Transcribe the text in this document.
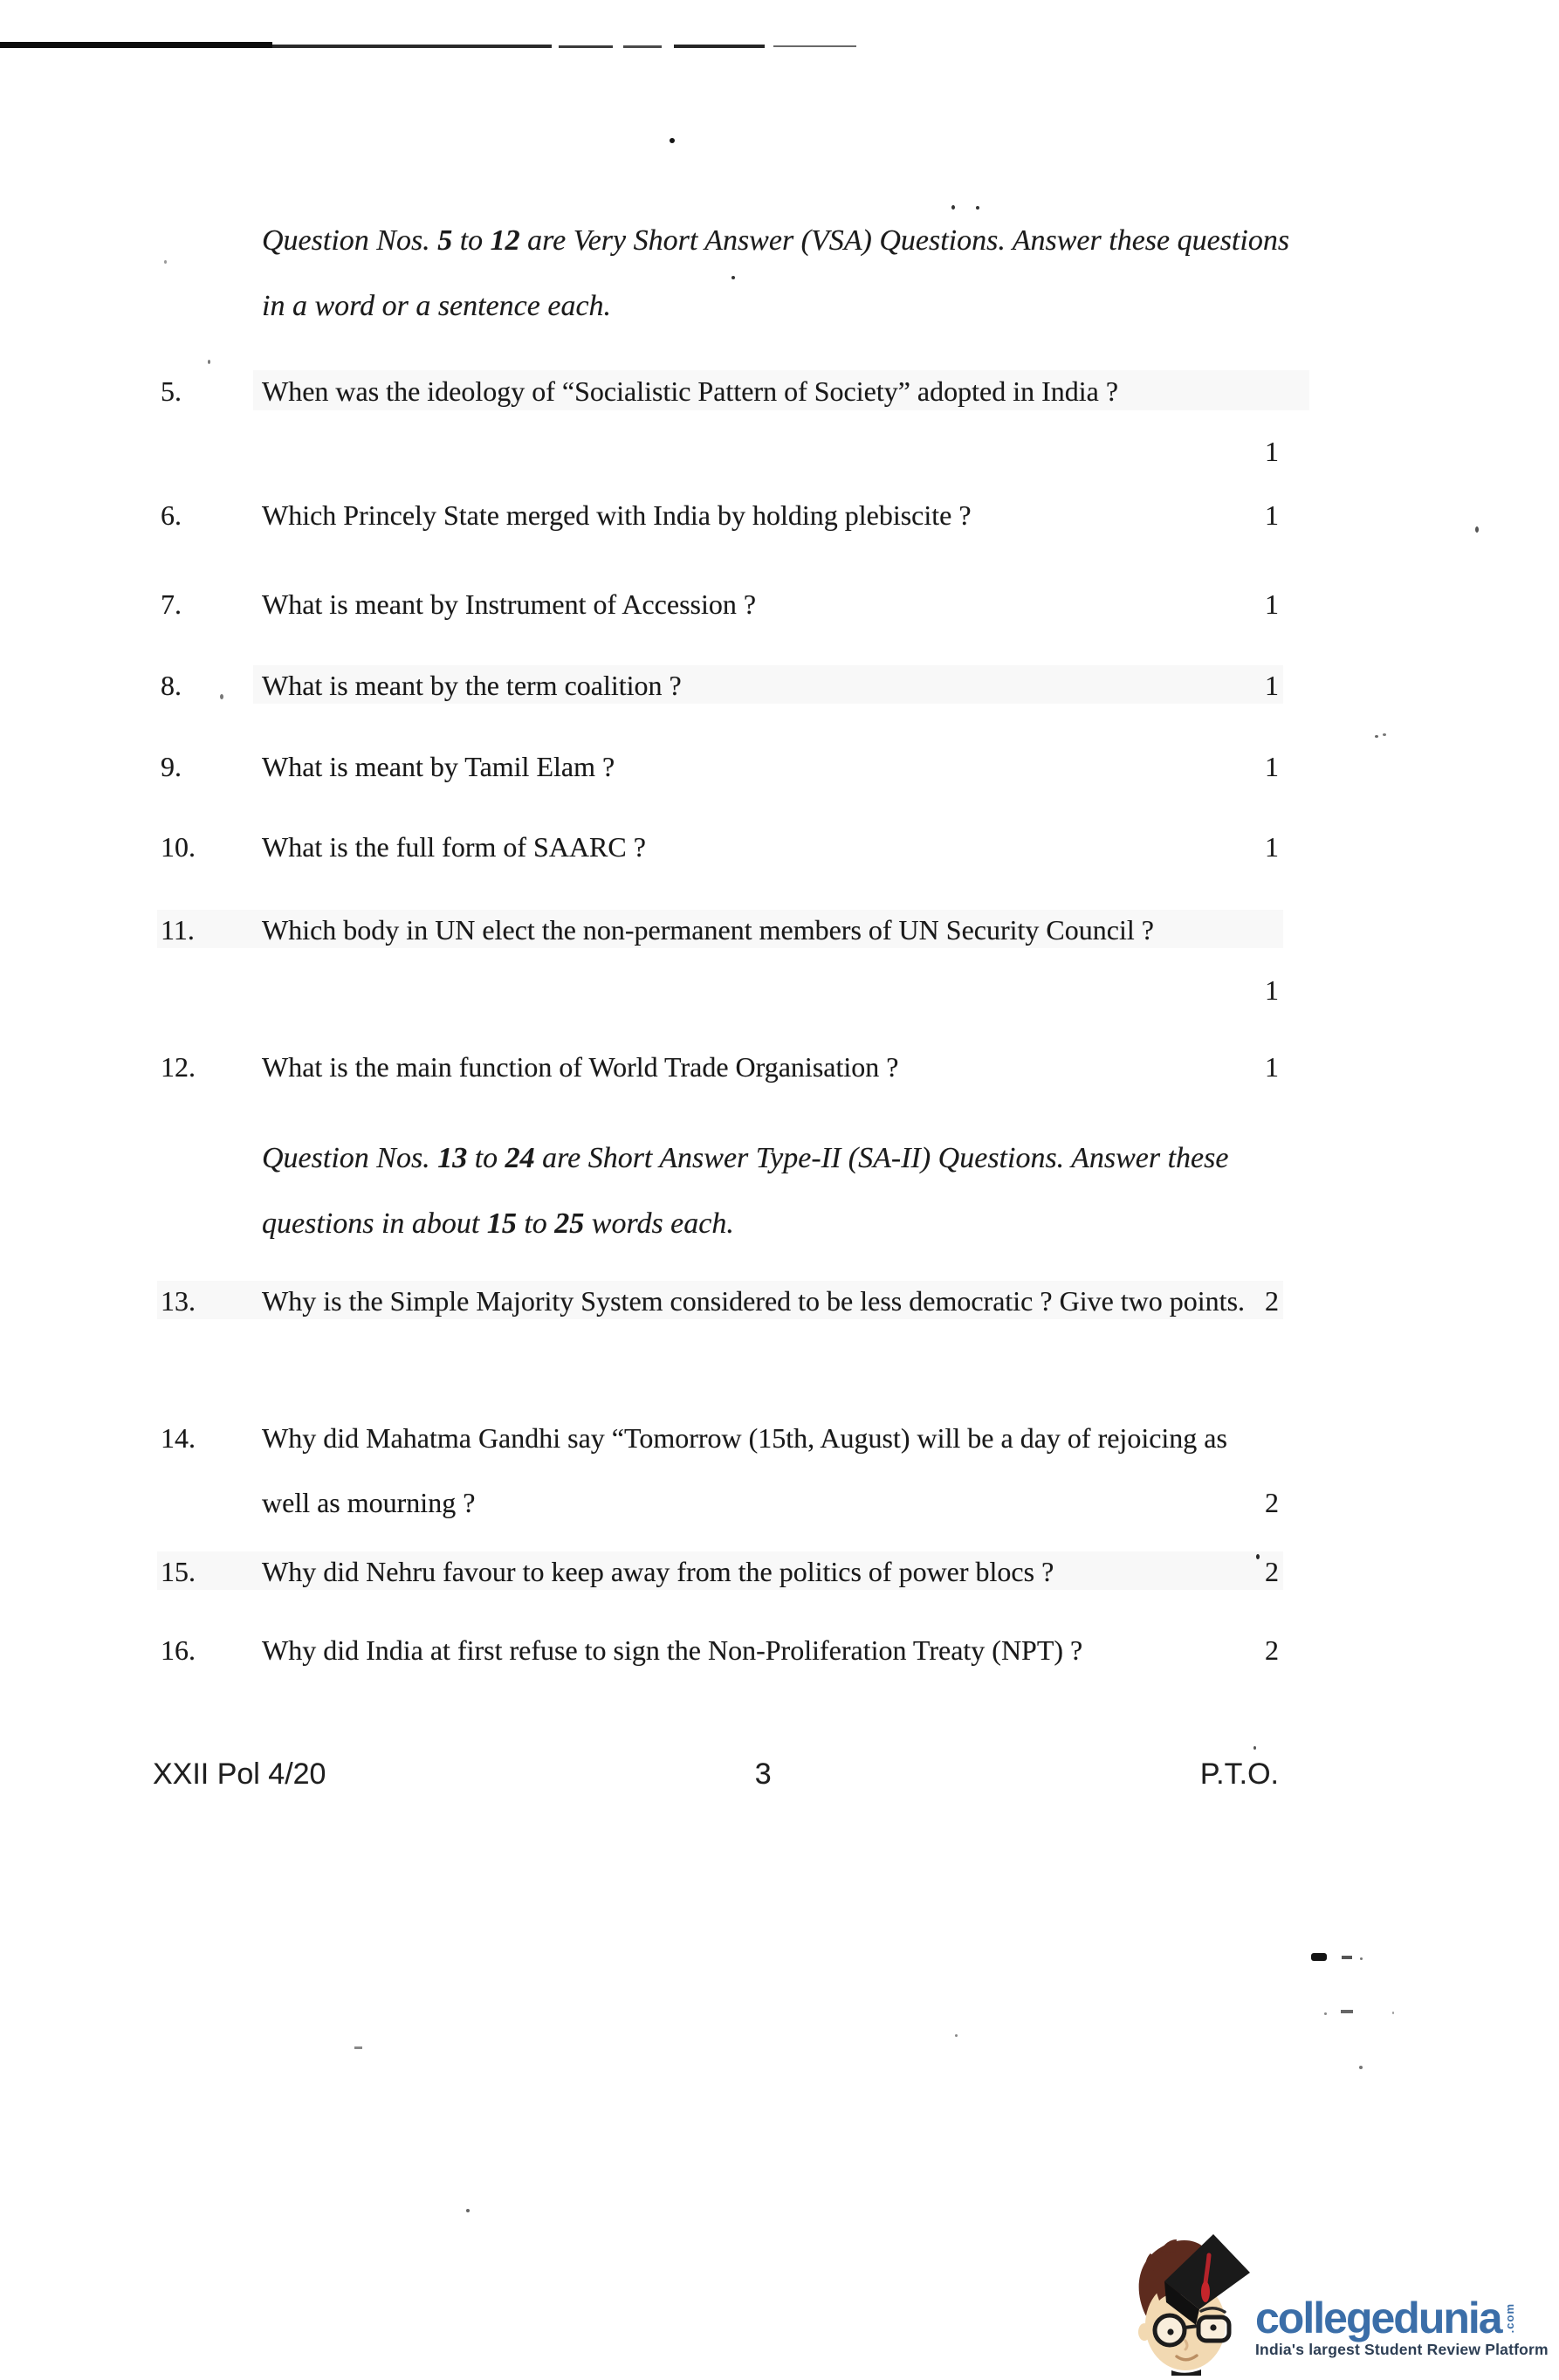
Question Nos. 5 to 12 are Very Short Answer (VSA) Questions. Answer these questions in a word or a sentence each.
5.	When was the ideology of “Socialistic Pattern of Society” adopted in India ?
1
6.	Which Princely State merged with India by holding plebiscite ?	1
7.	What is meant by Instrument of Accession ?	1
8.	What is meant by the term coalition ?	1
9.	What is meant by Tamil Elam ?	1
10.	What is the full form of SAARC ?	1
11.	Which body in UN elect the non-permanent members of UN Security Council ?
1
12.	What is the main function of World Trade Organisation ?	1
Question Nos. 13 to 24 are Short Answer Type-II (SA-II) Questions. Answer these questions in about 15 to 25 words each.
13.	Why is the Simple Majority System considered to be less democratic ? Give two points. 2
14.	Why did Mahatma Gandhi say “Tomorrow (15th, August) will be a day of rejoicing as well as mourning ?	2
15.	Why did Nehru favour to keep away from the politics of power blocs ?	2
16.	Why did India at first refuse to sign the Non-Proliferation Treaty (NPT) ?	2
XXII Pol 4/20	3	P.T.O.
collegedunia .com
India's largest Student Review Platform
